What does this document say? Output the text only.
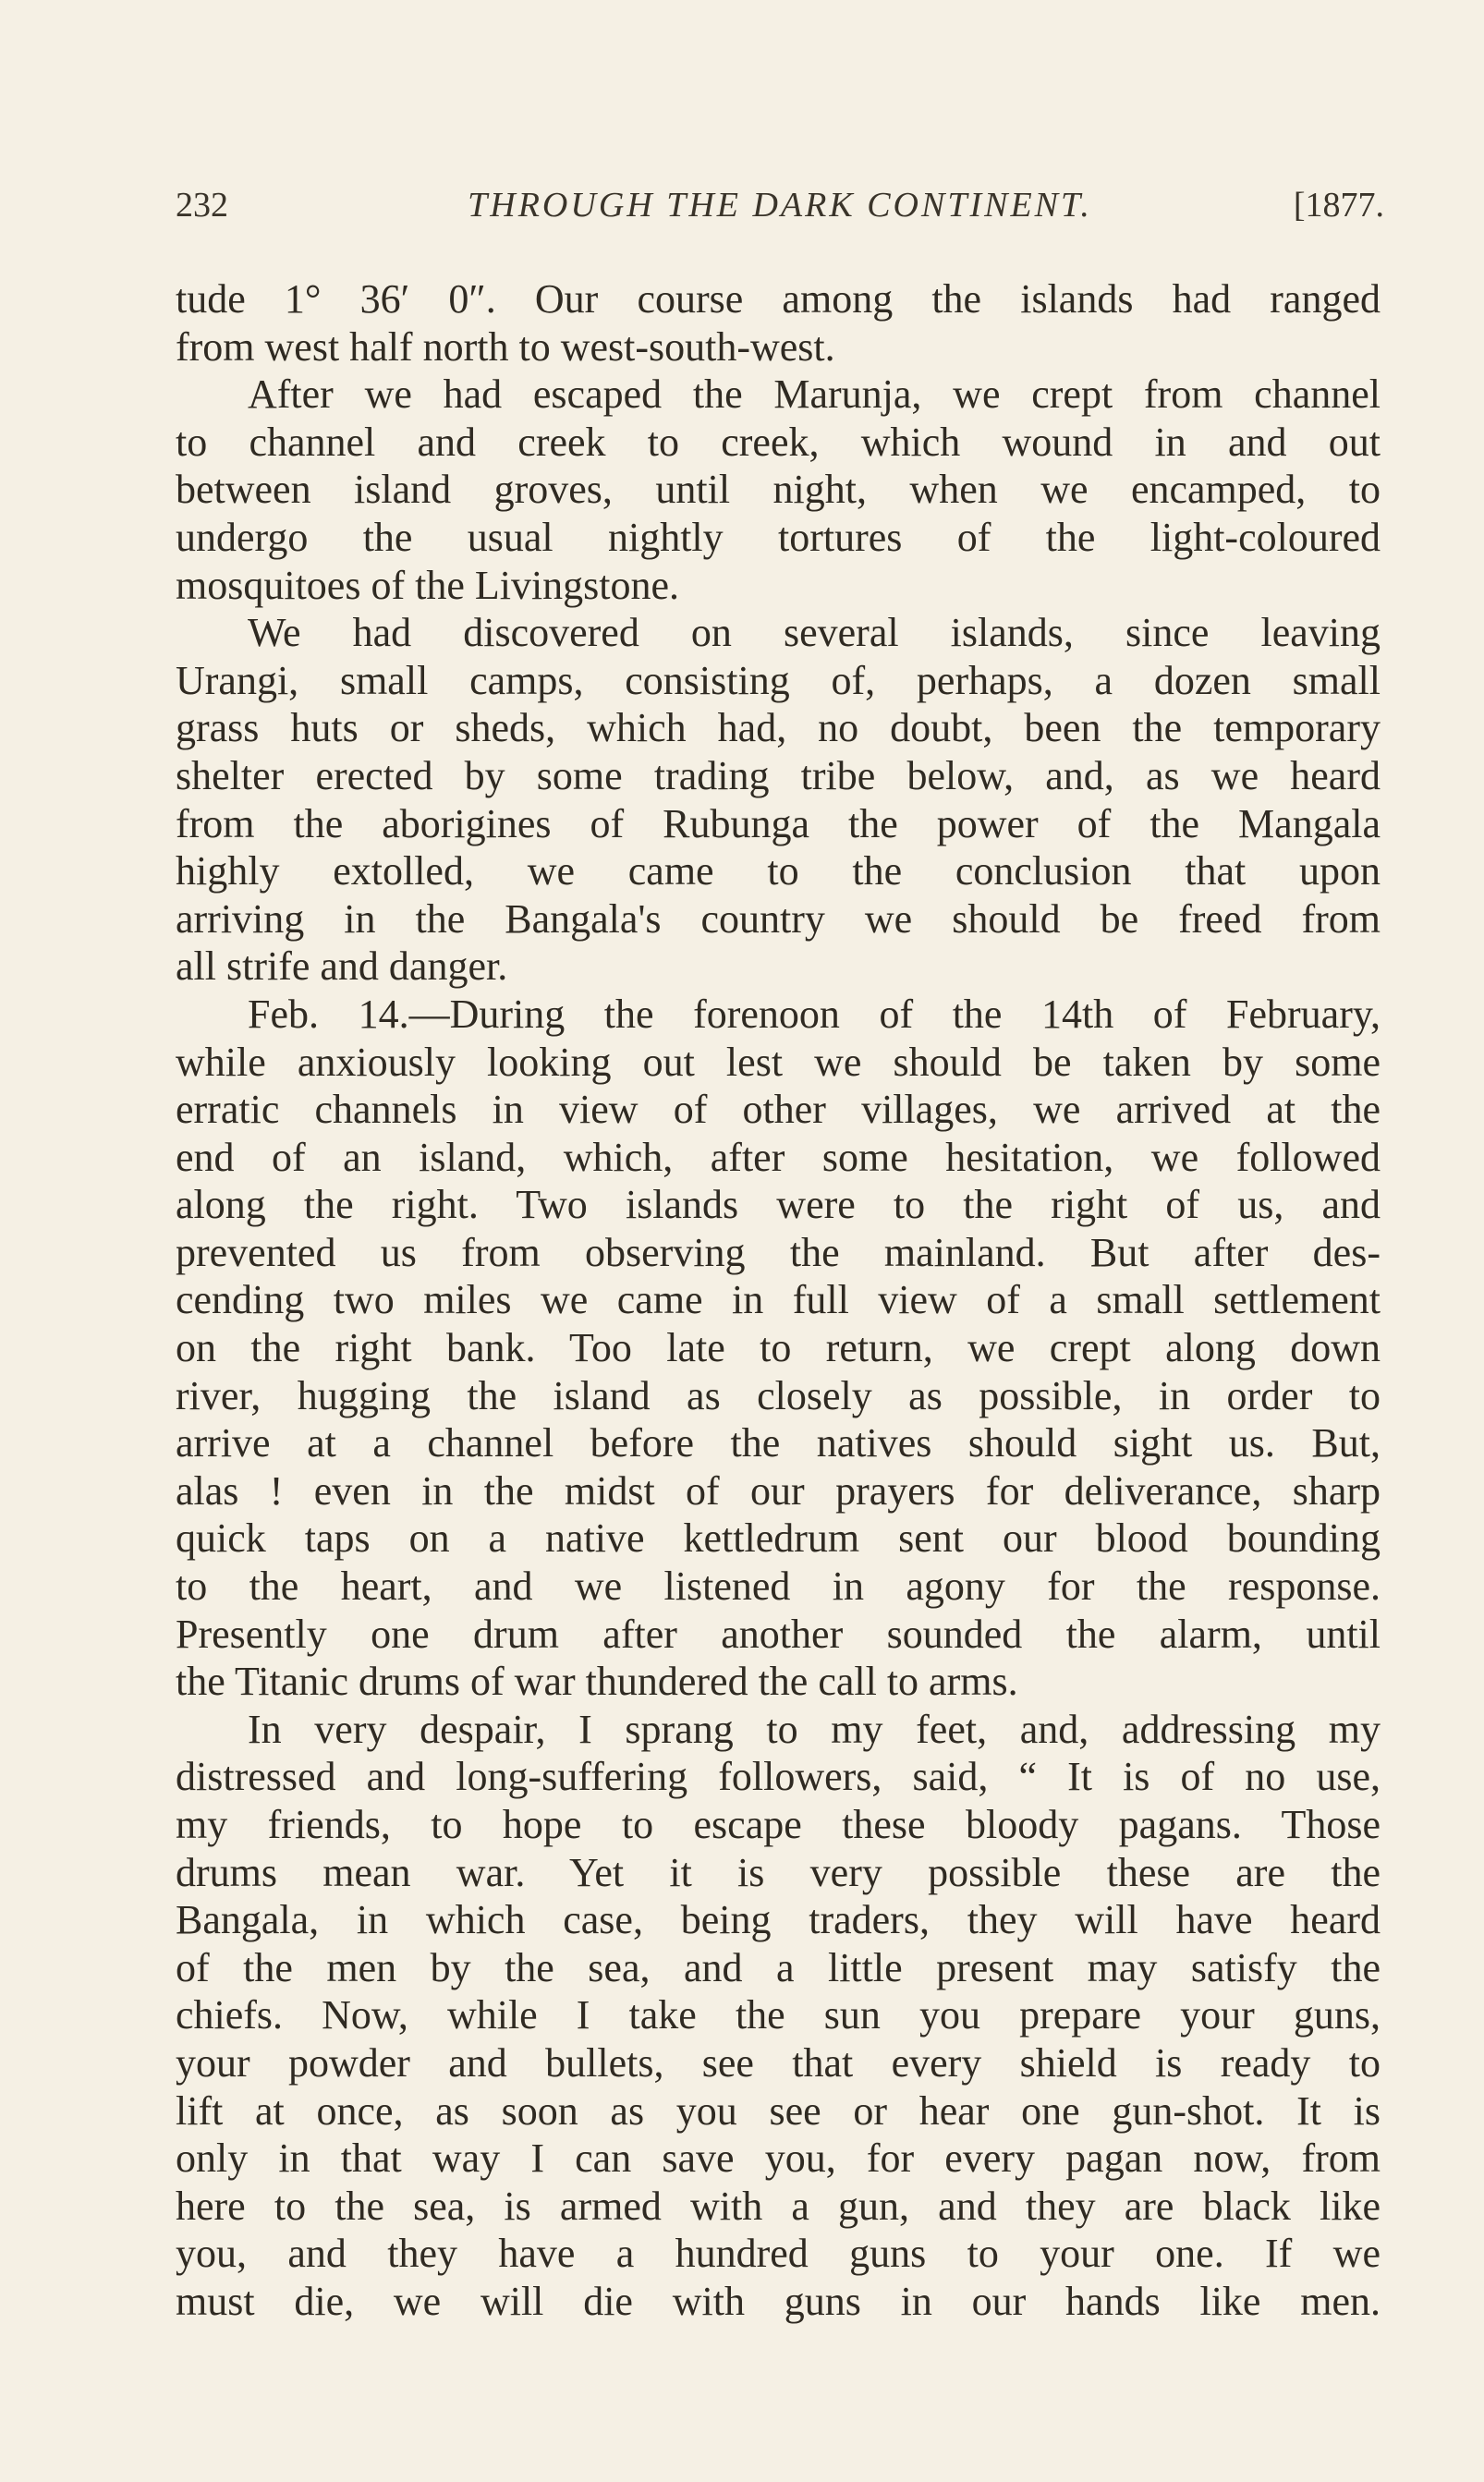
232	THROUGH THE DARK CONTINENT.	[1877.
tude 1° 36′ 0″. Our course among the islands had ranged
from west half north to west-south-west.
After we had escaped the Marunja, we crept from channel
to channel and creek to creek, which wound in and out
between island groves, until night, when we encamped, to
undergo the usual nightly tortures of the light-coloured
mosquitoes of the Livingstone.
We had discovered on several islands, since leaving
Urangi, small camps, consisting of, perhaps, a dozen small
grass huts or sheds, which had, no doubt, been the temporary
shelter erected by some trading tribe below, and, as we heard
from the aborigines of Rubunga the power of the Mangala
highly extolled, we came to the conclusion that upon
arriving in the Bangala's country we should be freed from
all strife and danger.
Feb. 14.—During the forenoon of the 14th of February,
while anxiously looking out lest we should be taken by some
erratic channels in view of other villages, we arrived at the
end of an island, which, after some hesitation, we followed
along the right. Two islands were to the right of us, and
prevented us from observing the mainland. But after des-
cending two miles we came in full view of a small settlement
on the right bank. Too late to return, we crept along down
river, hugging the island as closely as possible, in order to
arrive at a channel before the natives should sight us. But,
alas ! even in the midst of our prayers for deliverance, sharp
quick taps on a native kettledrum sent our blood bounding
to the heart, and we listened in agony for the response.
Presently one drum after another sounded the alarm, until
the Titanic drums of war thundered the call to arms.
In very despair, I sprang to my feet, and, addressing my
distressed and long-suffering followers, said, “ It is of no use,
my friends, to hope to escape these bloody pagans. Those
drums mean war. Yet it is very possible these are the
Bangala, in which case, being traders, they will have heard
of the men by the sea, and a little present may satisfy the
chiefs. Now, while I take the sun you prepare your guns,
your powder and bullets, see that every shield is ready to
lift at once, as soon as you see or hear one gun-shot. It is
only in that way I can save you, for every pagan now, from
here to the sea, is armed with a gun, and they are black like
you, and they have a hundred guns to your one. If we
must die, we will die with guns in our hands like men.
